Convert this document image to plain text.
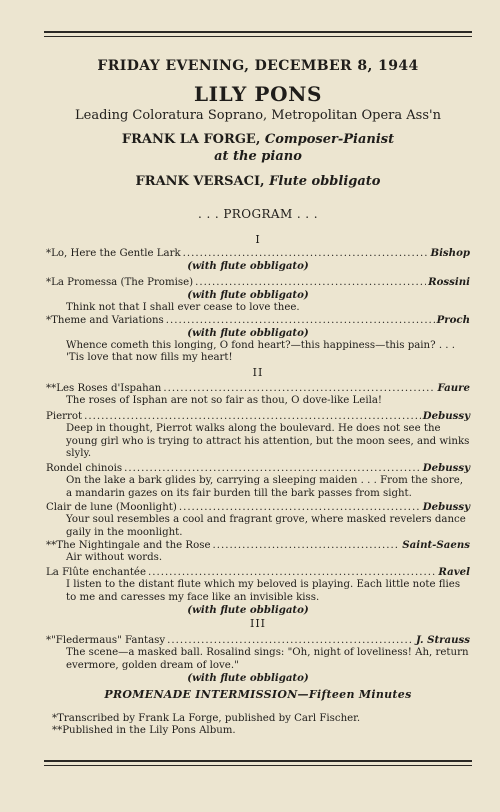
FRIDAY EVENING, DECEMBER 8, 1944
LILY PONS
Leading Coloratura Soprano, Metropolitan Opera Ass'n
FRANK LA FORGE, Composer-Pianist
at the piano
FRANK VERSACI, Flute obbligato
. . . PROGRAM . . .
I
*Lo, Here the Gentle Lark .....	Bishop
(with flute obbligato)
*La Promessa (The Promise) .....	Rossini
(with flute obbligato)
Think not that I shall ever cease to love thee.
*Theme and Variations .....	Proch
(with flute obbligato)
Whence cometh this longing, O fond heart?—this happiness—this pain? . . . 'Tis love that now fills my heart!
II
**Les Roses d'Ispahan .....	Faure
The roses of Isphan are not so fair as thou, O dove-like Leila!
Pierrot .....	Debussy
Deep in thought, Pierrot walks along the boulevard. He does not see the young girl who is trying to attract his attention, but the moon sees, and winks slyly.
Rondel chinois .....	Debussy
On the lake a bark glides by, carrying a sleeping maiden . . . From the shore, a mandarin gazes on its fair burden till the bark passes from sight.
Clair de lune (Moonlight) .....	Debussy
Your soul resembles a cool and fragrant grove, where masked revelers dance gaily in the moonlight.
**The Nightingale and the Rose .....	Saint-Saens
Air without words.
La Flûte enchantée .....	Ravel
I listen to the distant flute which my beloved is playing. Each little note flies to me and caresses my face like an invisible kiss.
(with flute obbligato)
III
*"Fledermaus" Fantasy .....	J. Strauss
The scene—a masked ball. Rosalind sings: "Oh, night of loveliness! Ah, return evermore, golden dream of love."
(with flute obbligato)
PROMENADE INTERMISSION—Fifteen Minutes
*Transcribed by Frank La Forge, published by Carl Fischer.
**Published in the Lily Pons Album.
